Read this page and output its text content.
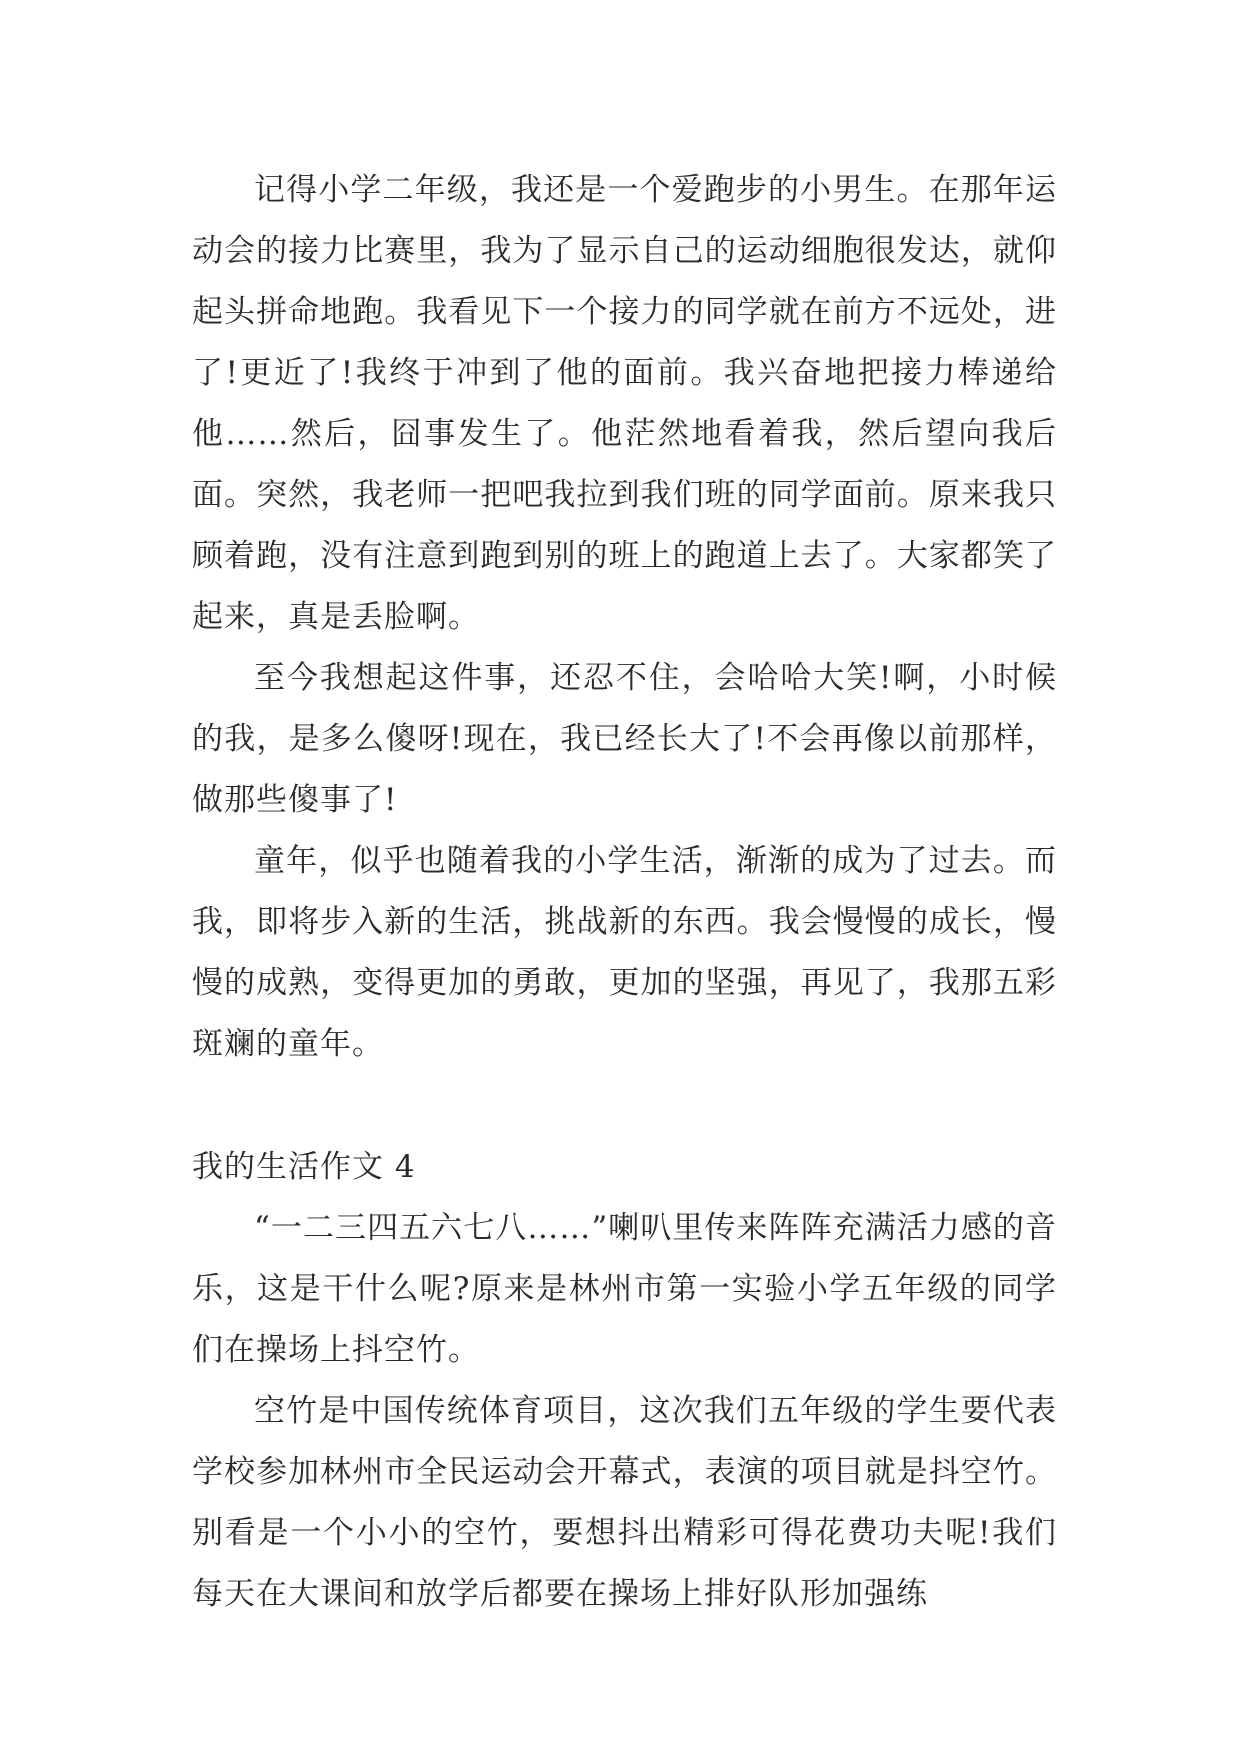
记得小学二年级，我还是一个爱跑步的小男生。在那年运动会的接力比赛里，我为了显示自己的运动细胞很发达，就仰起头拼命地跑。我看见下一个接力的同学就在前方不远处，进了!更近了!我终于冲到了他的面前。我兴奋地把接力棒递给他……然后，囧事发生了。他茫然地看着我，然后望向我后面。突然，我老师一把吧我拉到我们班的同学面前。原来我只顾着跑，没有注意到跑到别的班上的跑道上去了。大家都笑了起来，真是丢脸啊。

至今我想起这件事，还忍不住，会哈哈大笑!啊，小时候的我，是多么傻呀!现在，我已经长大了!不会再像以前那样，做那些傻事了!

童年，似乎也随着我的小学生活，渐渐的成为了过去。而我，即将步入新的生活，挑战新的东西。我会慢慢的成长，慢慢的成熟，变得更加的勇敢，更加的坚强，再见了，我那五彩斑斓的童年。

我的生活作文 4

“一二三四五六七八……”喇叭里传来阵阵充满活力感的音乐，这是干什么呢?原来是林州市第一实验小学五年级的同学们在操场上抖空竹。

空竹是中国传统体育项目，这次我们五年级的学生要代表学校参加林州市全民运动会开幕式，表演的项目就是抖空竹。别看是一个小小的空竹，要想抖出精彩可得花费功夫呢!我们每天在大课间和放学后都要在操场上排好队形加强练
